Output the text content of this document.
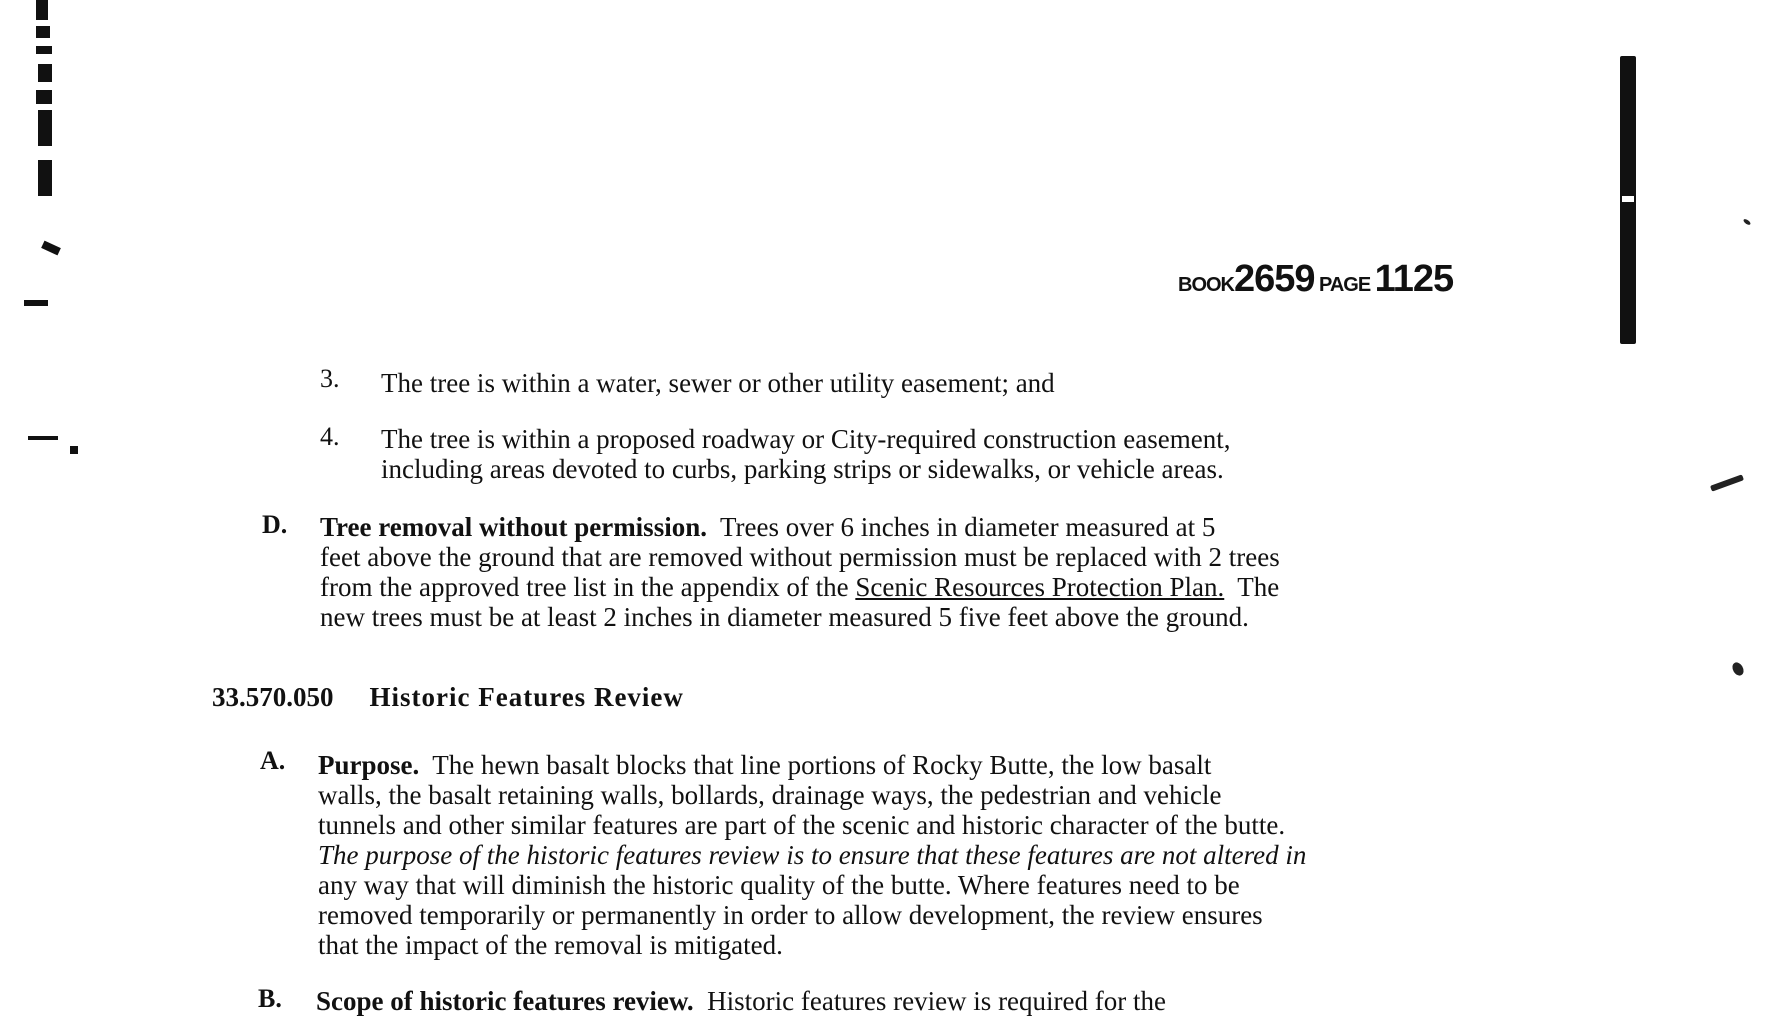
BOOK2659 PAGE 1125
3. The tree is within a water, sewer or other utility easement; and
4. The tree is within a proposed roadway or City-required construction easement,
including areas devoted to curbs, parking strips or sidewalks, or vehicle areas.
D. Tree removal without permission. Trees over 6 inches in diameter measured at 5
feet above the ground that are removed without permission must be replaced with 2 trees
from the approved tree list in the appendix of the Scenic Resources Protection Plan. The
new trees must be at least 2 inches in diameter measured 5 five feet above the ground.
33.570.050 Historic Features Review
A. Purpose. The hewn basalt blocks that line portions of Rocky Butte, the low basalt
walls, the basalt retaining walls, bollards, drainage ways, the pedestrian and vehicle
tunnels and other similar features are part of the scenic and historic character of the butte.
The purpose of the historic features review is to ensure that these features are not altered in
any way that will diminish the historic quality of the butte. Where features need to be
removed temporarily or permanently in order to allow development, the review ensures
that the impact of the removal is mitigated.
B. Scope of historic features review. Historic features review is required for the
